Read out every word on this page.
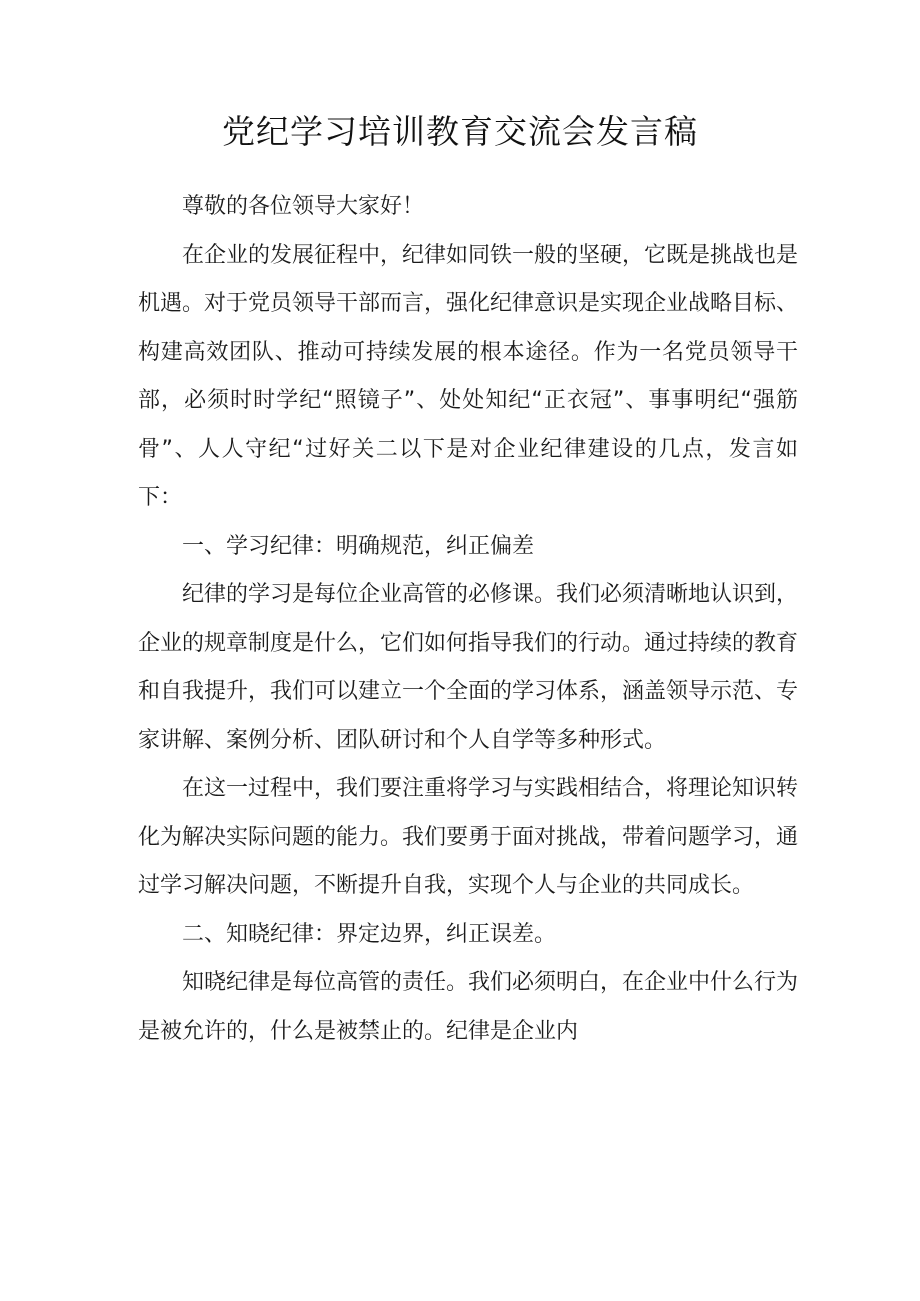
党纪学习培训教育交流会发言稿

尊敬的各位领导大家好！

在企业的发展征程中，纪律如同铁一般的坚硬，它既是挑战也是机遇。对于党员领导干部而言，强化纪律意识是实现企业战略目标、构建高效团队、推动可持续发展的根本途径。作为一名党员领导干部，必须时时学纪“照镜子”、处处知纪“正衣冠”、事事明纪“强筋骨”、人人守纪“过好关二以下是对企业纪律建设的几点，发言如下：

一、学习纪律：明确规范，纠正偏差

纪律的学习是每位企业高管的必修课。我们必须清晰地认识到，企业的规章制度是什么，它们如何指导我们的行动。通过持续的教育和自我提升，我们可以建立一个全面的学习体系，涵盖领导示范、专家讲解、案例分析、团队研讨和个人自学等多种形式。

在这一过程中，我们要注重将学习与实践相结合，将理论知识转化为解决实际问题的能力。我们要勇于面对挑战，带着问题学习，通过学习解决问题，不断提升自我，实现个人与企业的共同成长。

二、知晓纪律：界定边界，纠正误差。

知晓纪律是每位高管的责任。我们必须明白，在企业中什么行为是被允许的，什么是被禁止的。纪律是企业内
